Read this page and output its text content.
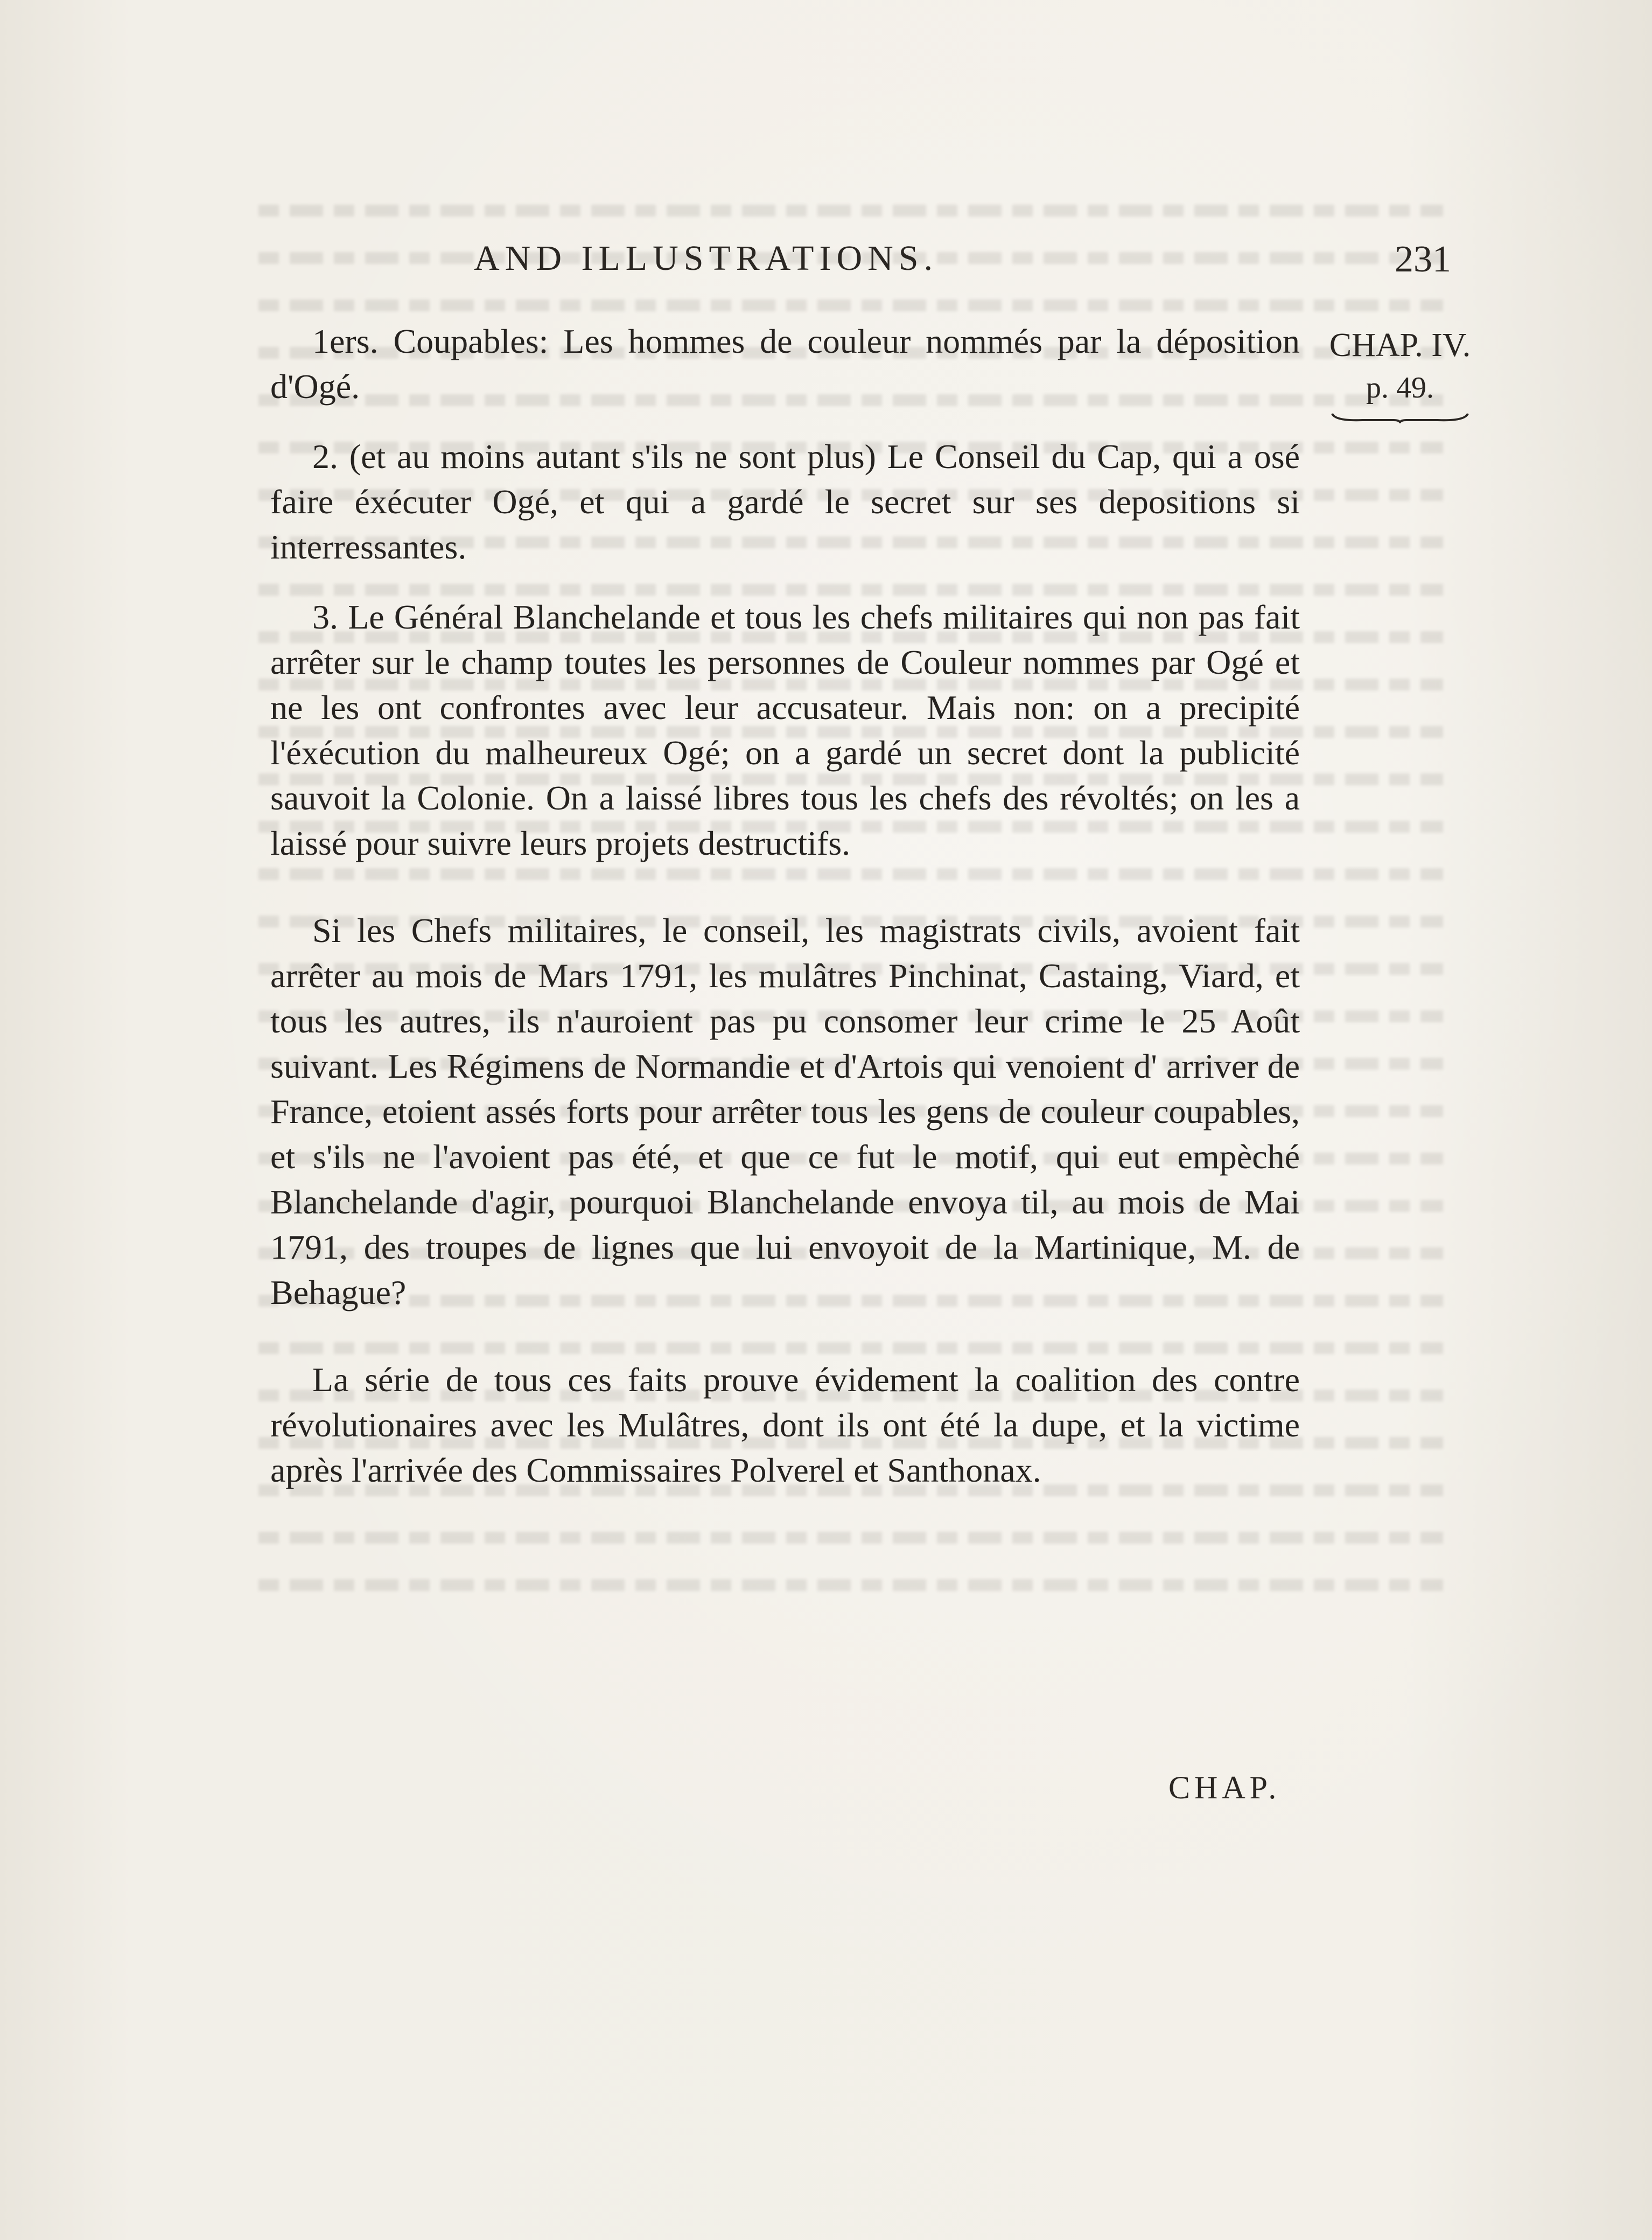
AND ILLUSTRATIONS.	231
CHAP. IV.
p. 49.

1ers. Coupables: Les hommes de couleur nommés par la déposition d'Ogé.

2. (et au moins autant s'ils ne sont plus) Le Conseil du Cap, qui a osé faire éxécuter Ogé, et qui a gardé le secret sur ses depositions si interressantes.

3. Le Général Blanchelande et tous les chefs militaires qui non pas fait arrêter sur le champ toutes les personnes de Couleur nommes par Ogé et ne les ont confrontes avec leur accusateur. Mais non: on a precipité l'éxécution du malheureux Ogé; on a gardé un secret dont la publicité sauvoit la Colonie. On a laissé libres tous les chefs des révoltés; on les a laissé pour suivre leurs projets destructifs.

Si les Chefs militaires, le conseil, les magistrats civils, avoient fait arrêter au mois de Mars 1791, les mulâtres Pinchinat, Castaing, Viard, et tous les autres, ils n'auroient pas pu consomer leur crime le 25 Août suivant. Les Régimens de Normandie et d'Artois qui venoient d' arriver de France, etoient assés forts pour arrêter tous les gens de couleur coupables, et s'ils ne l'avoient pas été, et que ce fut le motif, qui eut empèché Blanchelande d'agir, pourquoi Blanchelande envoya til, au mois de Mai 1791, des troupes de lignes que lui envoyoit de la Martinique, M. de Behague?

La série de tous ces faits prouve évidement la coalition des contre révolutionaires avec les Mulâtres, dont ils ont été la dupe, et la victime après l'arrivée des Commissaires Polverel et Santhonax.

CHAP.
